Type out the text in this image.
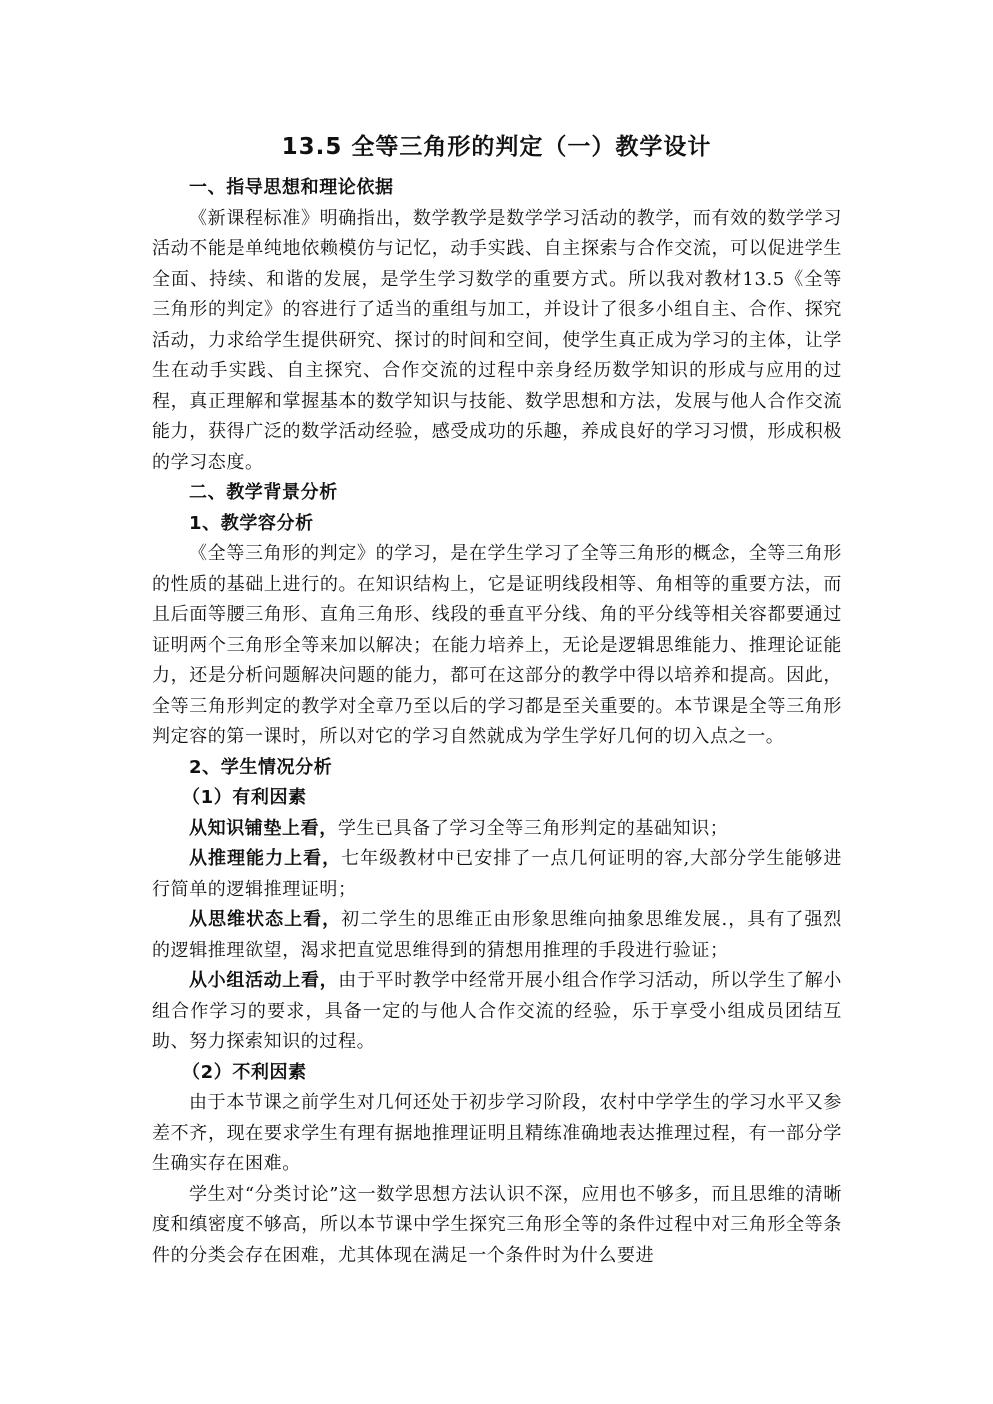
13.5 全等三角形的判定（一）教学设计

一、指导思想和理论依据

《新课程标准》明确指出，数学教学是数学学习活动的教学，而有效的数学学习活动不能是单纯地依赖模仿与记忆，动手实践、自主探索与合作交流，可以促进学生全面、持续、和谐的发展，是学生学习数学的重要方式。所以我对教材13.5《全等三角形的判定》的容进行了适当的重组与加工，并设计了很多小组自主、合作、探究活动，力求给学生提供研究、探讨的时间和空间，使学生真正成为学习的主体，让学生在动手实践、自主探究、合作交流的过程中亲身经历数学知识的形成与应用的过程，真正理解和掌握基本的数学知识与技能、数学思想和方法，发展与他人合作交流能力，获得广泛的数学活动经验，感受成功的乐趣，养成良好的学习习惯，形成积极的学习态度。

二、教学背景分析

1、教学容分析

《全等三角形的判定》的学习，是在学生学习了全等三角形的概念，全等三角形的性质的基础上进行的。在知识结构上，它是证明线段相等、角相等的重要方法，而且后面等腰三角形、直角三角形、线段的垂直平分线、角的平分线等相关容都要通过证明两个三角形全等来加以解决；在能力培养上，无论是逻辑思维能力、推理论证能力，还是分析问题解决问题的能力，都可在这部分的教学中得以培养和提高。因此，全等三角形判定的教学对全章乃至以后的学习都是至关重要的。本节课是全等三角形判定容的第一课时，所以对它的学习自然就成为学生学好几何的切入点之一。

2、学生情况分析

（1）有利因素

从知识铺垫上看，学生已具备了学习全等三角形判定的基础知识；

从推理能力上看，七年级教材中已安排了一点几何证明的容,大部分学生能够进行简单的逻辑推理证明；

从思维状态上看，初二学生的思维正由形象思维向抽象思维发展.，具有了强烈的逻辑推理欲望，渴求把直觉思维得到的猜想用推理的手段进行验证；

从小组活动上看，由于平时教学中经常开展小组合作学习活动，所以学生了解小组合作学习的要求，具备一定的与他人合作交流的经验，乐于享受小组成员团结互助、努力探索知识的过程。

（2）不利因素

由于本节课之前学生对几何还处于初步学习阶段，农村中学学生的学习水平又参差不齐，现在要求学生有理有据地推理证明且精练准确地表达推理过程，有一部分学生确实存在困难。

学生对“分类讨论”这一数学思想方法认识不深，应用也不够多，而且思维的清晰度和缜密度不够高，所以本节课中学生探究三角形全等的条件过程中对三角形全等条件的分类会存在困难，尤其体现在满足一个条件时为什么要进
